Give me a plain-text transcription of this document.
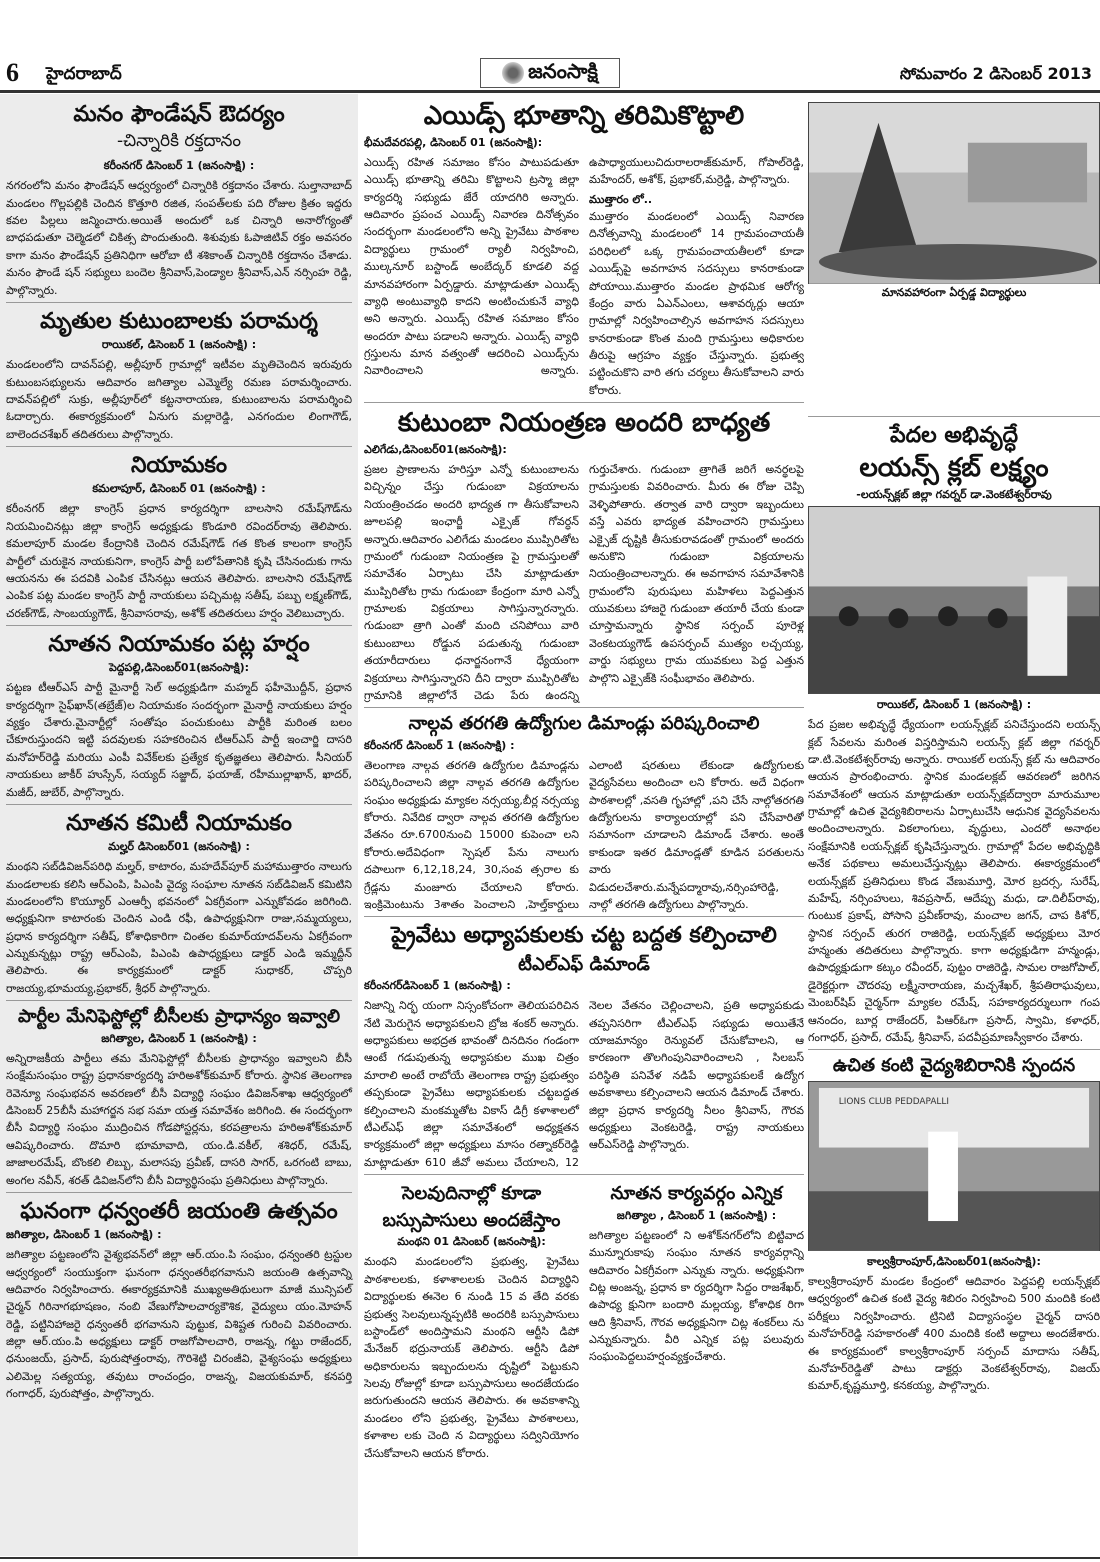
6 హైదరాబాద్	జనంసాక్షి	సోమవారం 2 డిసెంబర్ 2013
మనం ఫౌండేషన్ ఔదర్యం
-చిన్నారికి రక్తదానం
కరీంనగర్ డిసెంబర్ 1 (జనంసాక్షి) :
నగరంలోని మనం ఫౌండేషన్ ఆధ్వర్యంలో చిన్నారికి రక్తదానం చేశారు. సుల్తానాబాద్ మండలం గొల్లపల్లికి చెందిన కొత్తూరి రజిత, సంపత్‌లకు పది రోజుల క్రితం ఇద్దరు కవల పిల్లలు జన్మించారు.అయితే అందులో ఒక చిన్నారి అనారోగ్యంతో బాధపడుతూ చెల్మెడలో చికిత్స పొందుతుంది. శిశువుకు ఓపాజిటివ్ రక్తం అవసరం కాగా మనం ఫౌండేషన్ ప్రతినిధిగా ఆరోబా టీ శశికాంత్ చిన్నారికి రక్తదానం చేశాడు. మనం ఫౌండే షన్ సభ్యులు బందెల శ్రీనివాస్,పెండ్యాల శ్రీనివాస్,ఎన్ నర్సింహ రెడ్డి, పాల్గొన్నారు.
మృతుల కుటుంబాలకు పరామర్శ
రాయికల్, డిసెంబర్ 1 (జనంసాక్షి) :
మండలంలోని దావన్‌పల్లి, అల్లీపూర్ గ్రామాల్లో ఇటీవల మృతిచెందిన ఇరువురు కుటుంబసభ్యులను ఆదివారం జగిత్యాల ఎమ్మెల్యే రమణ పరామర్శించారు. దావన్‌పల్లిలో సుక్రు, అల్లీపూర్‌లో కట్టనారాయణ, కుటుంబాలను పరామర్శించి ఓదార్చారు. ఈకార్యక్రమంలో ఏనుగు మల్లారెడ్డి, ఎనగందుల లింగాగౌడ్, బాలెందచశేఖర్ తదితరులు పాల్గొన్నారు.
నియామకం
కమలాపూర్, డిసెంబర్ 01 (జనంసాక్షి) :
కరీంనగర్ జిల్లా కాంగ్రెస్ ప్రధాన కార్యదర్శిగా బాలసాని రమేష్‌గౌడ్‌ను నియమించినట్లు జిల్లా కాంగ్రెస్ అధ్యక్షుడు కొండూరి రవిందర్‌రావు తెలిపారు. కమలాపూర్ మండల కేంద్రానికి చెందిన రమేష్‌గౌడ్ గత కొంత కాలంగా కాంగ్రెస్ పార్టీలో చురుకైన నాయకునిగా, కాంగ్రెస్ పార్టీ బలోపేతానికి కృషి చేసినందుకు గాను ఆయనను ఈ పదవికి ఎంపిక చేసినట్లు ఆయన తెలిపారు. బాలసాని రమేష్‌గౌడ్ ఎంపిక పట్ల మండల కాంగ్రెస్ పార్టీ నాయకులు పచ్చిమట్ల సతీష్, పబ్బు లక్ష్మణ్‌గౌడ్, చరణ్‌గౌడ్, సాంబయ్యగౌడ్, శ్రీనివాసరావు, అశోక్ తదితరులు హర్షం వెలిబుచ్చారు.
నూతన నియామకం పట్ల హర్షం
పెద్దపల్లి,డిసెంబర్01(జనంసాక్షి):
పట్టణ టీఆర్ఎస్ పార్టీ మైనార్టీ సెల్ అధ్యక్షుడిగా మహ్మద్ ఫహీమొద్దీన్, ప్రధాన కార్యదర్శిగా సైఫ్‌ఖాన్(తబ్రేజ్)ల నియామకం సందర్భంగా మైనార్టీ నాయకులు హర్షం వ్యక్తం చేశారు.మైనార్టీల్లో సంతోషం పంచుకుంటు పార్టీకి మరింత బలం చేకూరుస్తుందని ఇట్టి పదవులకు సహకరించిన టీఆర్ఎస్ పార్టీ ఇంచార్జి దాసరి మనోహర్‌రెడ్డి మరియు ఎంపీ వివేక్‌లకు ప్రత్యేక కృతజ్ఞతలు తెలిపారు. సీనియర్ నాయకులు జాకీర్ హుస్సేన్, సయ్యద్ సజ్జాద్, ఫయాజ్, రహీముల్లాఖాన్, ఖాదర్, మజీద్, జుబేర్, పాల్గొన్నారు.
నూతన కమిటీ నియామకం
మల్హర్ డిసెంబర్01 (జనంసాక్షి) :
మంథని సబ్‌డివిజన్‌పరిధి మల్హర్, కాటారం, మహదేవ్‌పూర్ మహాముత్తారం నాలుగు మండలాలకు కలిసి ఆర్ఎంపి, పిఎంపి వైద్య సంఘాల నూతన సబ్‌డివిజన్ కమిటిని మండలంలోని కొయ్యూర్ ఎంఆర్పీ భవనంలో ఏకగ్రీవంగా ఎన్నుకోవడం జరిగింది. అధ్యక్షునిగా కాటారంకు చెందిన ఎండి రఫీ, ఉపాధ్యక్షునిగా రాజు,సమ్మయ్యలు, ప్రధాన కార్యదర్శిగా సతీష్, కోశాధికారిగా చింతల కుమార్‌యాదవ్‌లను ఏకగ్రీవంగా ఎన్నుకున్నట్లు రాష్ట్ర ఆర్ఎంపి, పిఎంపి ఉపాధ్యక్షులు డాక్టర్ ఎండి ఇమ్మద్దీన్ తెలిపారు. ఈ కార్యక్రమంలో డాక్టర్ సుధాకర్, చొప్పరి రాజయ్య,భూమయ్య,ప్రభాకర్, శ్రీధర్ పాల్గొన్నారు.
పార్టీల మేనిఫెస్టోల్లో బీసీలకు ప్రాధాన్యం ఇవ్వాలి
జగిత్యాల, డిసెంబర్ 1 (జనంసాక్షి) :
అన్నిరాజకీయ పార్టీలు తమ మేనిఫెస్టోల్లో బీసీలకు ప్రాధాన్యం ఇవ్వాలని బీసీ సంక్షేమసంఘం రాష్ట్ర ప్రధానకార్యదర్శి హరిఅశోక్‌కుమార్ కోరారు. స్థానిక తెలంగాణ రెవెన్యూ సంఘభవన అవరణలో బీసీ విద్యార్థి సంఘం డివిజన్‌శాఖ ఆధ్వర్యంలో డిసెంబర్ 25బీసీ మహాగర్జన సభ సమా యత్త సమావేశం జరిగింది. ఈ సందర్భంగా బీసీ విద్యార్థి సంఘం ముద్రించిన గోడపోస్టర్లను, కరపత్రాలను హరిఅశోక్‌కుమార్ ఆవిష్కరించారు. దొమారి భూమావాది, యం.డి.వకీల్, శశిధర్, రమేష్, జాజాలరమేష్, బొంకలి లిబ్బు, మలాసపు ప్రవీణ్, దాసరి సాగర్, ఒరగంటి బాబు, అంగల నవీన్, శరత్ డివిజన్‌లోని బీసీ విద్యార్థిసంఘ ప్రతినిధులు పాల్గొన్నారు.
ఘనంగా ధన్వంతరీ జయంతి ఉత్సవం
జగిత్యాల, డిసెంబర్ 1 (జనంసాక్షి) :
జగిత్యాల పట్టణంలోని వైశ్యభవన్‌లో జిల్లా ఆర్.యం.పి సంఘం, ధన్వంతరి ట్రస్టుల ఆధ్వర్యంలో సంయుక్తంగా ఘనంగా ధన్వంతరీభగవానుని జయంతి ఉత్సవాన్ని ఆదివారం నిర్వహించారు. ఈకార్యక్రమానికి ముఖ్యఅతిథులుగా మాజీ మున్సిపల్ చైర్మన్ గిరినాగభూషణం, నంబి వేణుగోపాలచార్యకౌశిక, వైద్యులు యం.మోహన్ రెడ్డి, పట్టినిహాజరై ధన్వంతరీ భగవానుని పుట్టుక, విశిష్టత గురించి వివరించారు. జిల్లా ఆర్.యం.పి అధ్యక్షులు డాక్టర్ రాజగోపాలచారి, రాజన్న, గట్టు రాజేందర్, ధనుంజయ్, ప్రసాద్, పురుషోత్తంరావు, గౌరిశెట్టి చిరంజీవి, వైశ్యసంఘ అధ్యక్షులు ఎలిమెల్ల సత్యయ్య, తవుటు రాంచంద్రం, రాజన్న, విజయకుమార్, కనపర్తి గంగాధర్, పురుషోత్తం, పాల్గొన్నారు.
ఎయిడ్స్ భూతాన్ని తరిమికొట్టాలి
భీమదేవరపల్లి, డిసెంబర్ 01 (జనంసాక్షి):
ఎయిడ్స్ రహిత సమాజం కోసం పాటుపడుతూ ఎయిడ్స్ భూతాన్ని తరిమి కొట్టాలని ట్రస్మా జిల్లా కార్యదర్శి సభ్యుడు జేరే యాదగిరి అన్నారు. ఆదివారం ప్రపంచ ఎయిడ్స్ నివారణ దినోత్సవం సందర్భంగా మండలంలోని అన్ని ప్రైవేటు పాఠశాల విద్యార్థులు గ్రామంలో ర్యాలీ నిర్వహించి, ముల్కనూర్ బస్టాండ్ అంబేద్కర్ కూడలి వద్ద మానవహారంగా ఏర్పడ్డారు. మాట్లాడుతూ ఎయిడ్స్ వ్యాధి అంటువ్యాధి కాదని అంటించుకునే వ్యాధి అని అన్నారు. ఎయిడ్స్ రహిత సమాజం కోసం అందరూ పాటు పడాలని అన్నారు. ఎయిడ్స్ వ్యాధి గ్రస్తులను మాన వత్వంతో ఆదరించి ఎయిడ్స్‌ను నివారించాలని అన్నారు. ఉపాధ్యాయులుచిదురాలరాజ్‌కుమార్, గోపాల్‌రెడ్డి, మహేందర్, అశోక్, ప్రభాకర్,మర్రెడ్డి, పాల్గొన్నారు.
ముత్తారం లో..
ముత్తారం మండలంలో ఎయిడ్స్ నివారణ దినోత్సవాన్ని మండలంలో 14 గ్రామపంచాయతీ పరిధిలలో ఒక్క గ్రామపంచాయతీలలో కూడా ఎయిడ్స్‌పై అవగాహన సదస్సులు కానరాకుండా పోయాయి.ముత్తారం మండల ప్రాథమిక ఆరోగ్య కేంద్రం వారు ఏఎన్ఎంలు, ఆశావర్కర్లు ఆయా గ్రామాల్లో నిర్వహించాల్సిన అవగాహన సదస్సులు కానరాకుండా కొంత మంది గ్రామస్తులు అధికారుల తీరుపై ఆగ్రహం వ్యక్తం చేస్తున్నారు. ప్రభుత్వ పట్టించుకొని వారి తగు చర్యలు తీసుకోవాలని వారు కోరారు.
కుటుంబా నియంత్రణ అందరి బాధ్యత
ఎలిగేడు,డిసెంబర్01(జనంసాక్షి):
ప్రజల ప్రాణాలను హరిస్తూ ఎన్నో కుటుంబాలను విచ్చిన్నం చేస్తు గుడుంబా విక్రయాలను నియంత్రించడం అందరి భాద్యత గా తీసుకోవాలని జూలపల్లి ఇంఛార్జీ ఎక్సైజ్ గోవర్ధన్ అన్నారు.ఆదివారం ఎలిగేడు మండలం ముప్పిరితోట గ్రామంలో గుడుంబా నియంత్రణ పై గ్రామస్తులతో సమావేశం ఏర్పాటు చేసి మాట్లాడుతూ ముప్పిరితోట గ్రామ గుడుంబా కేంద్రంగా మారి ఎన్నో గ్రామాలకు విక్రయాలు సాగిస్తున్నారన్నారు. గుడుంబా త్రాగి ఎంతో మంది చనిపోయి వారి కుటుంబాలు రోడ్డున పడుతున్న గుడుంబా తయారీదారులు ధనార్జనంగానే ధ్యేయంగా విక్రయాలు సాగిస్తున్నారని దీని ద్వారా ముప్పిరితోట గ్రామానికి జిల్లాలోనే చెడు పేరు ఉందన్ని గుర్తుచేశారు. గుడుంబా త్రాగితే జరిగే అనర్థలపై గ్రామస్తులకు వివరించారు. మీరు ఈ రోజు చెప్పి వెళ్ళిపోతారు. తర్వాత వారి ద్వారా ఇబ్బందులు వస్తే ఎవరు భాద్యత వహించారని గ్రామస్తులు ఎక్సైజ్ దృష్టికి తీసుకురావడంతో గ్రామంలో అందరు అనుకొని గుడుంబా విక్రయాలను నియంత్రించాలన్నారు. ఈ అవగాహన సమావేశానికి గ్రామంలోని పురుషులు మహిళలు పెద్దఎత్తున యువకులు హాజరై గుడుంబా తయారీ చేయ కుండా చూస్తామన్నారు స్థానిక సర్పంచ్ పూరెళ్ల వెంకటయ్యగౌడ్ ఉపసర్పంచ్ ముత్యం లచ్చయ్య, వార్డు సభ్యులు గ్రామ యువకులు పెద్ద ఎత్తున పాల్గొని ఎక్సైజ్‌కి సంఘీభావం తెలిపారు.
నాల్గవ తరగతి ఉద్యోగుల డిమాండ్లు పరిష్కరించాలి
కరీంనగర్ డిసెంబర్ 1 (జనంసాక్షి) :
తెలంగాణ నాల్గవ తరగతి ఉద్యోగుల డిమాండ్లను పరిష్కరించాలని జిల్లా నాల్గవ తరగతి ఉద్యోగుల సంఘం అధ్యక్షుడు మ్యాకల నర్సయ్య,బీర్ల నర్సయ్య కోరారు. నివేదిక ద్వారా నాల్గవ తరగతి ఉద్యోగుల వేతనం రూ.6700నుంచి 15000 కుపెంచా లని కోరారు.అదేవిధంగా స్పెషల్ పేను నాలుగు దపాలుగా 6,12,18,24, 30,సంవ త్సరాల కు గ్రేడ్లను మంజూరు చేయాలని కోరారు. ఇంక్రిమెంటును 3శాతం పెంచాలని ,హెల్త్‌కార్డులు ఎలాంటి షరతులు లేకుండా ఉద్యోగులకు వైద్యసేవలు అందించా లని కోరారు. అదే విధంగా పాఠశాలల్లో ,వసతి గృహాల్లో ,పని చేసే నాల్గోతరగతి ఉద్యోగులను కార్యాలయాల్లో పని చేసేవారితో సమానంగా చూడాలని డిమాండ్ చేశారు. అంతే కాకుండా ఇతర డిమాండ్లతో కూడిన పరతులను వారు విడుదలచేశారు.మన్నేపద్మారావు,నర్సింహారెడ్డి, నాల్గో తరగతి ఉద్యోగులు పాల్గొన్నారు.
ప్రైవేటు అధ్యాపకులకు చట్ట బద్దత కల్పించాలి
టీఎల్ఎఫ్ డిమాండ్
కరీంనగర్‌డిసెంబర్ 1 (జనంసాక్షి) :
నిజాన్ని నిర్భ యంగా నిస్సంకోచంగా తెలియపరిచిన నేటి మెరుగైన అధ్యాపకులని బ్రోజ శంకర్ అన్నారు. అధ్యాపకులు అభద్రత భావంతో దినదినం గండంగా ఆంటే గడుపుతున్న అధ్యాపకుల ముఖ చిత్రం మారాలి అంటే రాబోయే తెలంగాణ రాష్ట్ర ప్రభుత్వం తప్పకుండా ప్రైవేటు అధ్యాపకులకు చట్టబద్దత కల్పించాలని మంకమ్మతోట వికాస్ డిగ్రీ కళాశాలలో టీఎల్ఎఫ్ జిల్లా సమావేశంలో అధ్యక్షతన కార్యక్రమంలో జిల్లా అధ్యక్షులు మాసం రత్నాకర్‌రెడ్డి మాట్లాడుతూ 610 జీవో అమలు చేయాలని, 12 నెలల వేతనం చెల్లించాలని, ప్రతి అధ్యాపకుడు తప్పనిసరిగా టీఎల్ఎఫ్ సభ్యుడు అయితేనే యాజమాన్యం రెన్యువల్ చేసుకోవాలని, ఆ కారణంగా తొలగింపునివారించాలని , సిలబస్ పరిస్థితి పనివేళ నడిపే అధ్యాపకులకే ఉద్యోగ అవకాశాలు కల్పించాలని ఆయన డిమాండ్ చేశారు. జిల్లా ప్రధాన కార్యదర్శి నీలం శ్రీనివాస్, గౌరవ అధ్యక్షులు వెంకటరెడ్డి, రాష్ట్ర నాయకులు ఆర్ఎస్‌రెడ్డి పాల్గొన్నారు.
సెలవుదినాల్లో కూడా
బస్సుపాసులు అందజేస్తాం
మంథని 01 డిసెంబర్ (జనంసాక్షి):
మంథని మండలంలోని ప్రభుత్వ, ప్రైవేటు పాఠశాలలకు, కళాశాలలకు చెందిన విద్యార్థిని విద్యార్థులకు ఈనెల 6 నుండి 15 వ తేది వరకు ప్రభుత్వ సెలవులున్నప్పటికి అందరికి బస్సుపాసులు బస్టాండ్‌లో అందిస్తామని మంథని ఆర్టీసి డిపో మేనేజర్ భద్రునాయక్ తెలిపారు. ఆర్టీసి డిపో అధికారులను ఇబ్బందులను దృష్టిలో పెట్టుకుని సెలవు రోజుల్లో కూడా బస్సుపాసులు అందజేయడం జరుగుతుందని ఆయన తెలిపారు. ఈ అవకాశాన్ని మండలం లోని ప్రభుత్వ, ప్రైవేటు పాఠశాలలు, కళాశాల లకు చెంది న విద్యార్థులు సద్వినియోగం చేసుకోవాలని ఆయన కోరారు.
నూతన కార్యవర్గం ఎన్నిక
జగిత్యాల , డిసెంబర్ 1 (జనంసాక్షి) :
జగిత్యాల పట్టణంలో ని అశోక్‌నగర్‌లోని బిట్టివాద మున్నూరుకాపు సంఘం నూతన కార్యవర్గాన్ని ఆదివారం ఏకగ్రీవంగా ఎన్నుకు న్నారు. అధ్యక్షునిగా చిట్ల అంజన్న, ప్రధాన కా ర్యదర్శిగా సిద్దం రాజశేఖర్, ఉపాధ్య క్షునిగా బందారి మల్లయ్య, కోశాధిక రిగా ఆది శ్రీనివాస్, గౌరవ అధ్యక్షునిగా చిట్ల శంకర్‌లు ను ఎన్నుకున్నారు. వీరి ఎన్నిక పట్ల పలువురు సంఘంపెద్దలుహర్షంవ్యక్తంచేశారు.
మానవహారంగా ఏర్పడ్డ విద్యార్థులు
పేదల అభివృద్ధే
లయన్స్ క్లబ్ లక్ష్యం
-లయన్స్‌క్లబ్ జిల్లా గవర్నర్ డా.వెంకటేశ్వర్‌రావు
రాయికల్, డిసెంబర్ 1 (జనంసాక్షి) :
పేద ప్రజల అభివృద్ధే ధ్యేయంగా లయన్స్‌క్లబ్ పనిచేస్తుందని లయన్స్ క్లబ్ సేవలను మరింత విస్తరిస్తామని లయన్స్ క్లబ్ జిల్లా గవర్నర్ డా.టి.వెంకటేశ్వర్‌రావు అన్నారు. రాయికల్ లయన్స్ క్లబ్ ను ఆదివారం ఆయన ప్రారంభించారు. స్థానిక మండలక్లబ్ ఆవరణలో జరిగిన సమావేశంలో ఆయన మాట్లాడుతూ లయన్స్‌క్లబ్‌ద్వారా మారుమూల గ్రామాల్లో ఉచిత వైద్యశిబిరాలను ఏర్పాటుచేసి ఆధునిక వైద్యసేవలను అందించాలన్నారు. వికలాంగులు, వృద్ధులు, ఎందరో అనాథల సంక్షేమానికి లయన్స్‌క్లబ్ కృషిచేస్తున్నారు. గ్రామాల్లో పేదల అభివృద్ధికి అనేక పథకాలు అమలుచేస్తున్నట్లు తెలిపారు. ఈకార్యక్రమంలో లయన్స్‌క్లబ్ ప్రతినిధులు కొండ వేణుమూర్తి, మోర బ్రదర్స, సురేష్, మహేష్, నర్సింహులు, శివప్రసాద్, ఆదేప్పు మధు, డా.దిలీప్‌రావు, గుంటుక ప్రకాష్, పోసాని ప్రవీణ్‌రావు, మంచాల జగన్, చాప కిశోర్, స్థానిక సర్పంచ్ తురగ రాజిరెడ్డి, లయన్స్‌క్లబ్ అధ్యక్షులు మోర హన్మంతు తదితరులు పాల్గొన్నారు. కాగా అధ్యక్షుడిగా హన్మండ్లు, ఉపాధ్యక్షుడుగా కట్కం రవీందర్, పుట్టం రాజిరెడ్డి, సామల రాజగోపాల్, డైరెక్టర్లుగా చౌదరపు లక్ష్మీనారాయణ, మచ్చశేఖర్, శ్రీపతిరాఘవులు, మెంబర్‌షిప్ చైర్మన్‌గా మ్యాకల రమేష్, సహకార్యదర్శులుగా గంప ఆనందం, బూర్ల రాజేందర్, పిఆర్‌ఓగా ప్రసాద్, స్వామి, కళాధర్, గంగాధర్, ప్రసాద్, రమేష్, శ్రీనివాస్, పదవీప్రమాణస్వీకారం చేశారు.
ఉచిత కంటి వైద్యశిబిరానికి స్పందన
LIONS CLUB PEDDAPALLI
కాల్వశ్రీరాంపూర్,డిసెంబర్01(జనంసాక్షి):
కాల్వశ్రీరాంపూర్ మండల కేంద్రంలో ఆదివారం పెద్దపల్లి లయన్స్‌క్లబ్ ఆధ్వర్యంలో ఉచిత కంటి వైద్య శిబిరం నిర్వహించి 500 మందికి కంటి పరీక్షలు నిర్వహించారు. ట్రినిటి విద్యాసంస్థల చైర్మన్ దాసరి మనోహర్‌రెడ్డి సహకారంతో 400 మందికి కంటి అద్దాలు అందజేశారు. ఈ కార్యక్రమంలో కాల్వశ్రీరాంపూర్ సర్పంచ్ మాదాసు సతీష్, మనోహర్‌రెడ్డితో పాటు డాక్టర్లు వెంకటేశ్వర్‌రావు, విజయ్ కుమార్,కృష్ణమూర్తి, కనకయ్య, పాల్గొన్నారు.
